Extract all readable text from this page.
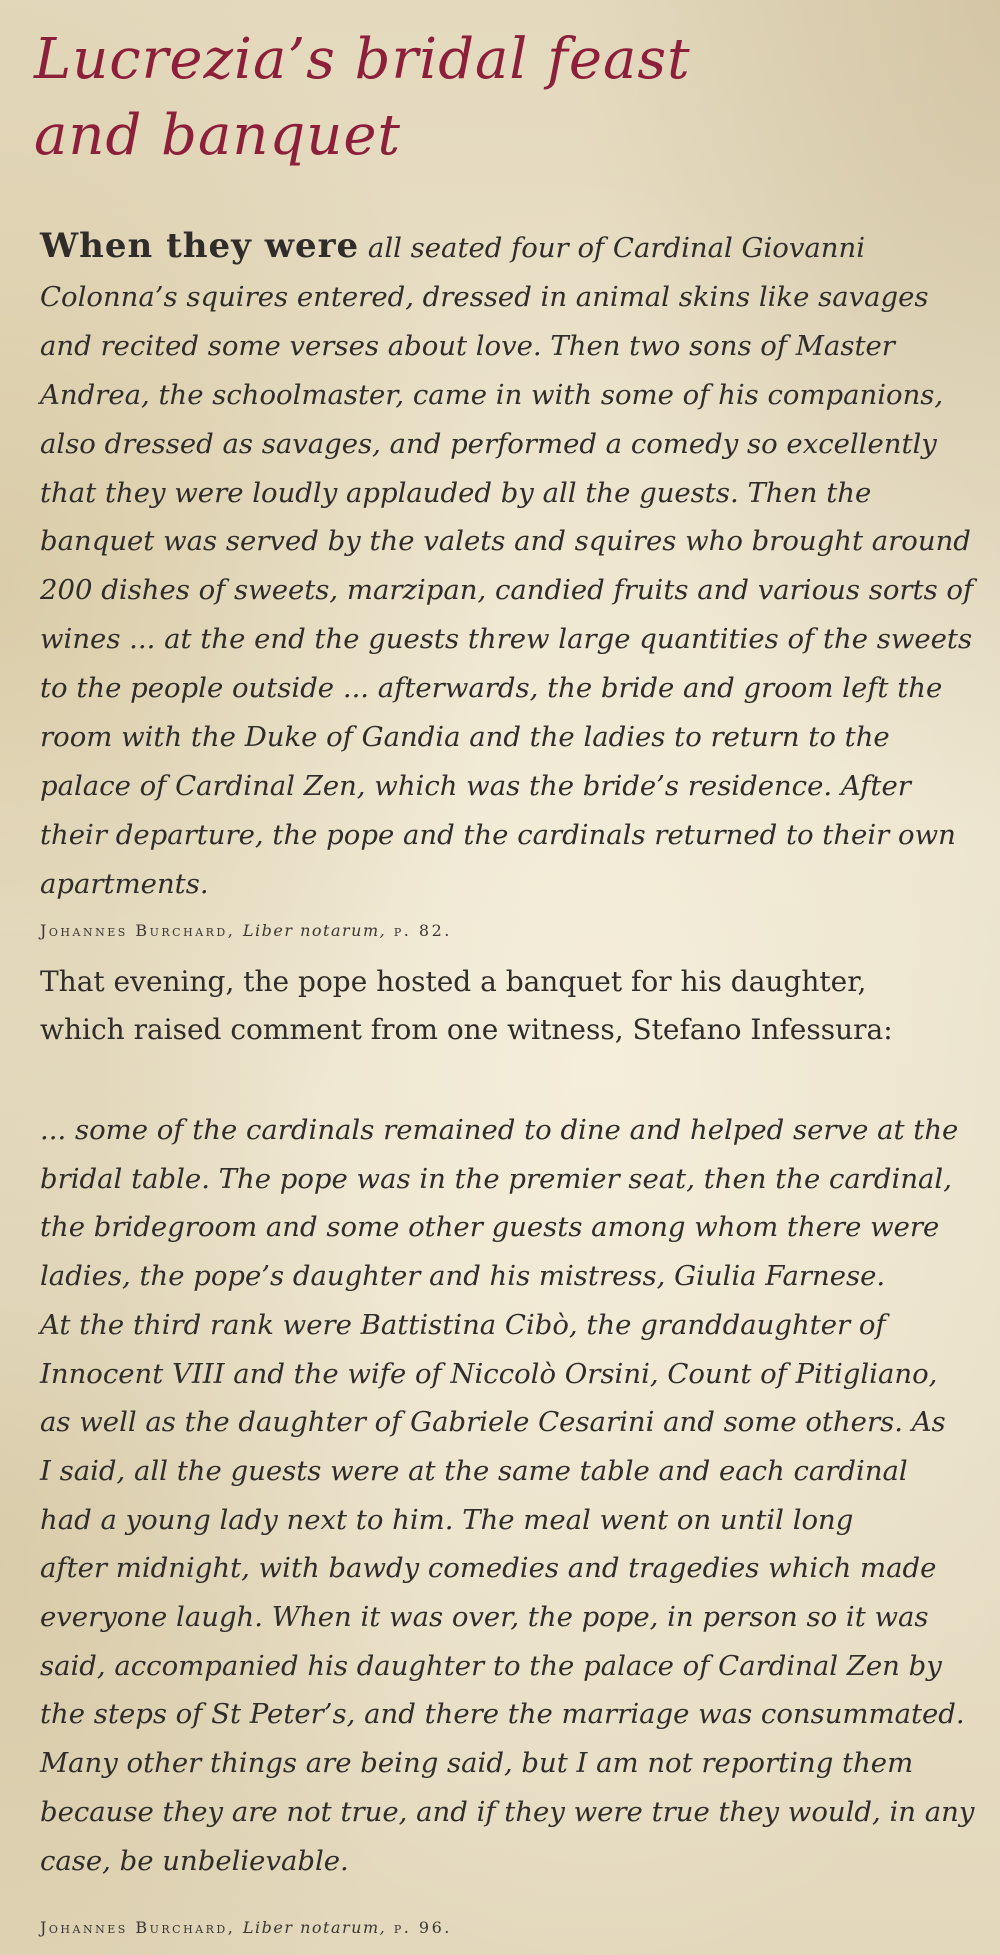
Lucrezia’s bridal feast
and banquet
When they were all seated four of Cardinal Giovanni
Colonna’s squires entered, dressed in animal skins like savages
and recited some verses about love. Then two sons of Master
Andrea, the schoolmaster, came in with some of his companions,
also dressed as savages, and performed a comedy so excellently
that they were loudly applauded by all the guests. Then the
banquet was served by the valets and squires who brought around
200 dishes of sweets, marzipan, candied fruits and various sorts of
wines ... at the end the guests threw large quantities of the sweets
to the people outside ... afterwards, the bride and groom left the
room with the Duke of Gandia and the ladies to return to the
palace of Cardinal Zen, which was the bride’s residence. After
their departure, the pope and the cardinals returned to their own
apartments.
Johannes Burchard, Liber notarum, p. 82.
That evening, the pope hosted a banquet for his daughter,
which raised comment from one witness, Stefano Infessura:
... some of the cardinals remained to dine and helped serve at the
bridal table. The pope was in the premier seat, then the cardinal,
the bridegroom and some other guests among whom there were
ladies, the pope’s daughter and his mistress, Giulia Farnese.
At the third rank were Battistina Cibò, the granddaughter of
Innocent VIII and the wife of Niccolò Orsini, Count of Pitigliano,
as well as the daughter of Gabriele Cesarini and some others. As
I said, all the guests were at the same table and each cardinal
had a young lady next to him. The meal went on until long
after midnight, with bawdy comedies and tragedies which made
everyone laugh. When it was over, the pope, in person so it was
said, accompanied his daughter to the palace of Cardinal Zen by
the steps of St Peter’s, and there the marriage was consummated.
Many other things are being said, but I am not reporting them
because they are not true, and if they were true they would, in any
case, be unbelievable.
Johannes Burchard, Liber notarum, p. 96.
